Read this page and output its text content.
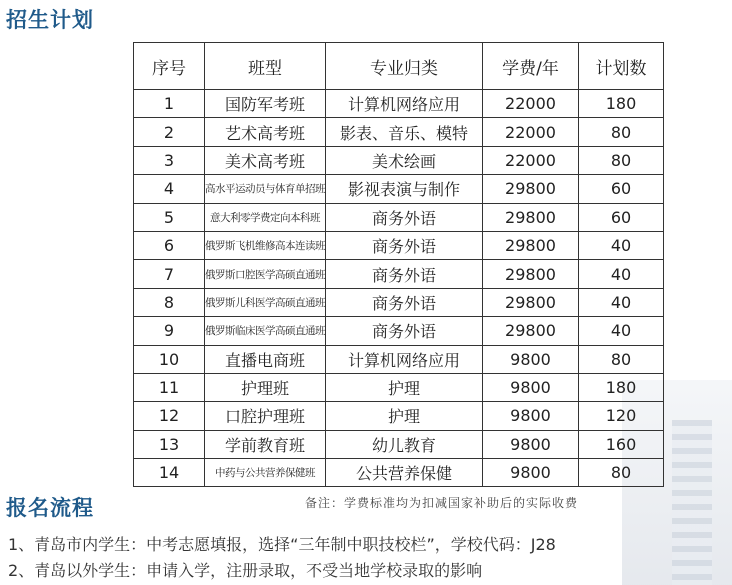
招生计划
序号	班型	专业归类	学费/年	计划数
1	国防军考班	计算机网络应用	22000	180
2	艺术高考班	影表、音乐、模特	22000	80
3	美术高考班	美术绘画	22000	80
4	高水平运动员与体育单招班	影视表演与制作	29800	60
5	意大利零学费定向本科班	商务外语	29800	60
6	俄罗斯飞机维修高本连读班	商务外语	29800	40
7	俄罗斯口腔医学高硕直通班	商务外语	29800	40
8	俄罗斯儿科医学高硕直通班	商务外语	29800	40
9	俄罗斯临床医学高硕直通班	商务外语	29800	40
10	直播电商班	计算机网络应用	9800	80
11	护理班	护理	9800	180
12	口腔护理班	护理	9800	120
13	学前教育班	幼儿教育	9800	160
14	中药与公共营养保健班	公共营养保健	9800	80
备注：学费标准均为扣减国家补助后的实际收费
报名流程
1、青岛市内学生：中考志愿填报，选择“三年制中职技校栏”，学校代码：J28
2、青岛以外学生：申请入学，注册录取，不受当地学校录取的影响
